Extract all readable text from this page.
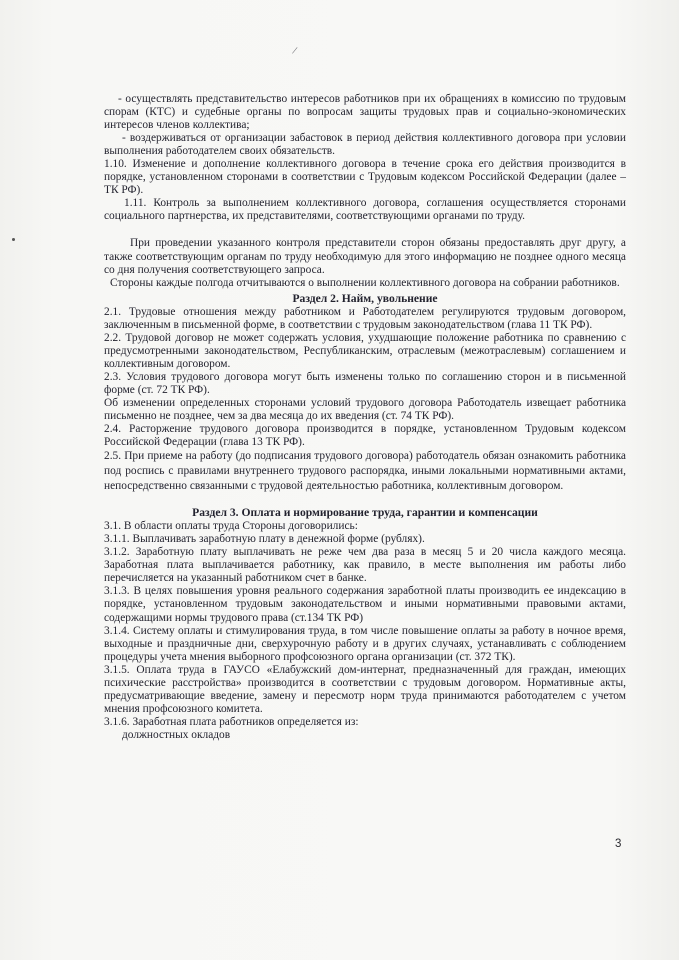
/

- осуществлять представительство интересов работников при их обращениях в комиссию по трудовым спорам (КТС) и судебные органы по вопросам защиты трудовых прав и социально-экономических интересов членов коллектива;

- воздерживаться от организации забастовок в период действия коллективного договора при условии выполнения работодателем своих обязательств.

1.10. Изменение и дополнение коллективного договора в течение срока его действия производится в порядке, установленном сторонами в соответствии с Трудовым кодексом Российской Федерации (далее – ТК РФ).

1.11. Контроль за выполнением коллективного договора, соглашения осуществляется сторонами социального партнерства, их представителями, соответствующими органами по труду.

При проведении указанного контроля представители сторон обязаны предоставлять друг другу, а также соответствующим органам по труду необходимую для этого информацию не позднее одного месяца со дня получения соответствующего запроса.

Стороны каждые полгода отчитываются о выполнении коллективного договора на собрании работников.

Раздел 2. Найм, увольнение

2.1. Трудовые отношения между работником и Работодателем регулируются трудовым договором, заключенным в письменной форме, в соответствии с трудовым законодательством (глава 11 ТК РФ).

2.2. Трудовой договор не может содержать условия, ухудшающие положение работника по сравнению с предусмотренными законодательством, Республиканским, отраслевым (межотраслевым) соглашением и коллективным договором.

2.3. Условия трудового договора могут быть изменены только по соглашению сторон и в письменной форме (ст. 72 ТК РФ).

Об изменении определенных сторонами условий трудового договора Работодатель извещает работника письменно не позднее, чем за два месяца до их введения (ст. 74 ТК РФ).

2.4. Расторжение трудового договора производится в порядке, установленном Трудовым кодексом Российской Федерации (глава 13 ТК РФ).

2.5. При приеме на работу (до подписания трудового договора) работодатель обязан ознакомить работника под роспись с правилами внутреннего трудового распорядка, иными локальными нормативными актами, непосредственно связанными с трудовой деятельностью работника, коллективным договором.

Раздел 3. Оплата и нормирование труда, гарантии и компенсации

3.1. В области оплаты труда Стороны договорились:

3.1.1. Выплачивать заработную плату в денежной форме (рублях).

3.1.2. Заработную плату выплачивать не реже чем два раза в месяц 5 и 20 числа каждого месяца. Заработная плата выплачивается работнику, как правило, в месте выполнения им работы либо перечисляется на указанный работником счет в банке.

3.1.3. В целях повышения уровня реального содержания заработной платы производить ее индексацию в порядке, установленном трудовым законодательством и иными нормативными правовыми актами, содержащими нормы трудового права (ст.134 ТК РФ)

3.1.4. Систему оплаты и стимулирования труда, в том числе повышение оплаты за работу в ночное время, выходные и праздничные дни, сверхурочную работу и в других случаях, устанавливать с соблюдением процедуры учета мнения выборного профсоюзного органа организации (ст. 372 ТК).

3.1.5. Оплата труда в ГАУСО «Елабужский дом-интернат, предназначенный для граждан, имеющих психические расстройства» производится в соответствии с трудовым договором. Нормативные акты, предусматривающие введение, замену и пересмотр норм труда принимаются работодателем с учетом мнения профсоюзного комитета.

3.1.6. Заработная плата работников определяется из:

должностных окладов

3
